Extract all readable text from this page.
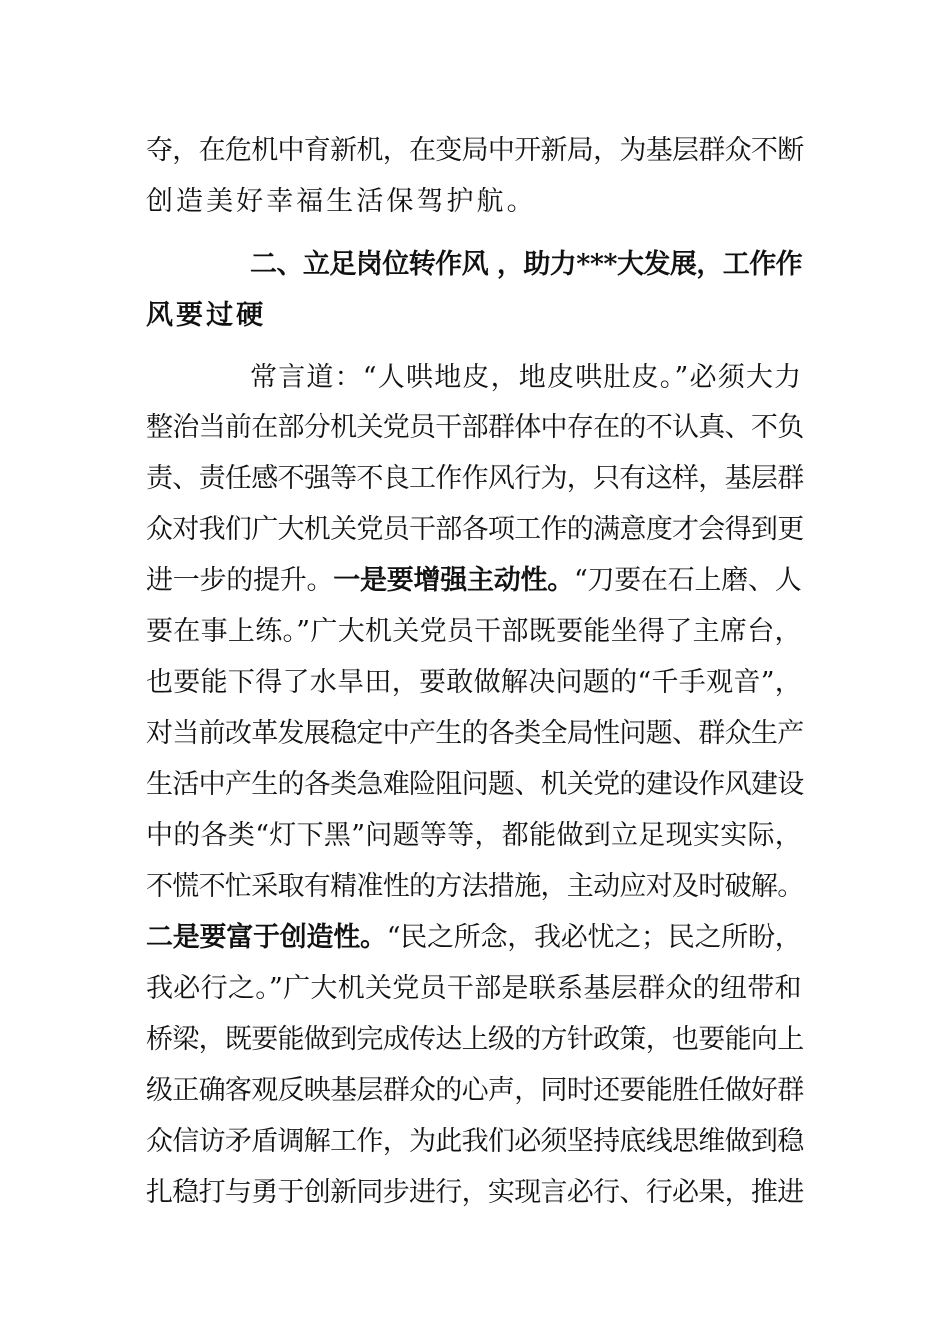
夺，在危机中育新机，在变局中开新局，为基层群众不断
创造美好幸福生活保驾护航。
二、立足岗位转作风 ，助力***大发展，工作作
风要过硬
常言道：“人哄地皮，地皮哄肚皮。”必须大力
整治当前在部分机关党员干部群体中存在的不认真、不负
责、责任感不强等不良工作作风行为，只有这样，基层群
众对我们广大机关党员干部各项工作的满意度才会得到更
进一步的提升。一是要增强主动性。“刀要在石上磨、人
要在事上练。”广大机关党员干部既要能坐得了主席台，
也要能下得了水旱田，要敢做解决问题的“千手观音”，
对当前改革发展稳定中产生的各类全局性问题、群众生产
生活中产生的各类急难险阻问题、机关党的建设作风建设
中的各类“灯下黑”问题等等，都能做到立足现实实际，
不慌不忙采取有精准性的方法措施，主动应对及时破解。
二是要富于创造性。“民之所念，我必忧之；民之所盼，
我必行之。”广大机关党员干部是联系基层群众的纽带和
桥梁，既要能做到完成传达上级的方针政策，也要能向上
级正确客观反映基层群众的心声，同时还要能胜任做好群
众信访矛盾调解工作，为此我们必须坚持底线思维做到稳
扎稳打与勇于创新同步进行，实现言必行、行必果，推进
